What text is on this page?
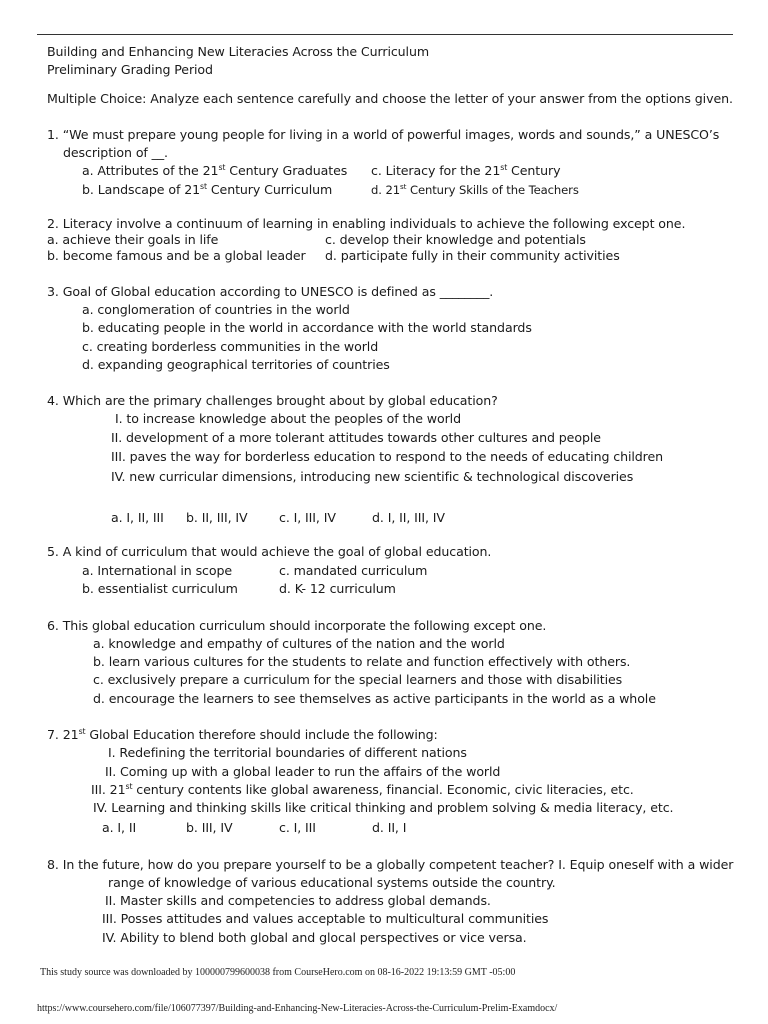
Building and Enhancing New Literacies Across the Curriculum
Preliminary Grading Period
Multiple Choice: Analyze each sentence carefully and choose the letter of your answer from the options given.
1. “We must prepare young people for living in a world of powerful images, words and sounds,” a UNESCO’s
description of __.
a. Attributes of the 21st Century Graduates
b. Landscape of 21st Century Curriculum
c. Literacy for the 21st Century
d. 21st Century Skills of the Teachers
2. Literacy involve a continuum of learning in enabling individuals to achieve the following except one.
a. achieve their goals in life
b. become famous and be a global leader
c. develop their knowledge and potentials
d. participate fully in their community activities
3. Goal of Global education according to UNESCO is defined as ________.
a. conglomeration of countries in the world
b. educating people in the world in accordance with the world standards
c. creating borderless communities in the world
d. expanding geographical territories of countries
4. Which are the primary challenges brought about by global education?
I. to increase knowledge about the peoples of the world
II. development of a more tolerant attitudes towards other cultures and people
III. paves the way for borderless education to respond to the needs of educating children
IV. new curricular dimensions, introducing new scientific & technological discoveries
a. I, II, III b. II, III, IV c. I, III, IV	d. I, II, III, IV
5. A kind of curriculum that would achieve the goal of global education.
a. International in scope
b. essentialist curriculum
c. mandated curriculum
d. K- 12 curriculum
6. This global education curriculum should incorporate the following except one.
a. knowledge and empathy of cultures of the nation and the world
b. learn various cultures for the students to relate and function effectively with others.
c. exclusively prepare a curriculum for the special learners and those with disabilities
d. encourage the learners to see themselves as active participants in the world as a whole
7. 21st Global Education therefore should include the following:
I. Redefining the territorial boundaries of different nations
II. Coming up with a global leader to run the affairs of the world
III. 21st century contents like global awareness, financial. Economic, civic literacies, etc.
IV. Learning and thinking skills like critical thinking and problem solving & media literacy, etc.
a. I, II	b. III, IV	c. I, III	d. II, I
8. In the future, how do you prepare yourself to be a globally competent teacher? I. Equip oneself with a wider
range of knowledge of various educational systems outside the country.
II. Master skills and competencies to address global demands.
III. Posses attitudes and values acceptable to multicultural communities
IV. Ability to blend both global and glocal perspectives or vice versa.
This study source was downloaded by 100000799600038 from CourseHero.com on 08-16-2022 19:13:59 GMT -05:00
https://www.coursehero.com/file/106077397/Building-and-Enhancing-New-Literacies-Across-the-Curriculum-Prelim-Examdocx/
